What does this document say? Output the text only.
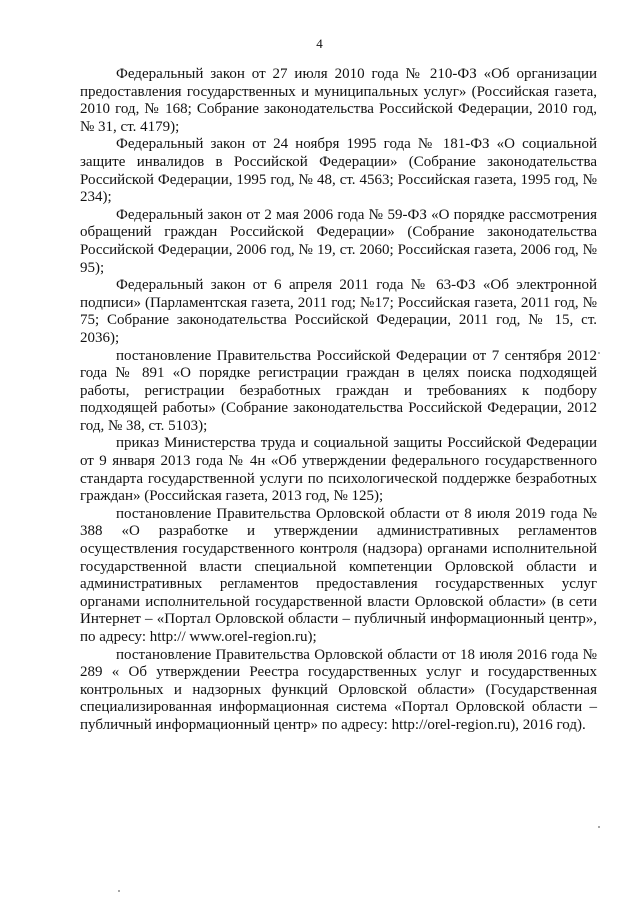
4

Федеральный закон от 27 июля 2010 года № 210-ФЗ «Об организации предоставления государственных и муниципальных услуг» (Российская газета, 2010 год, № 168; Собрание законодательства Российской Федерации, 2010 год, № 31, ст. 4179);

Федеральный закон от 24 ноября 1995 года № 181-ФЗ «О социальной защите инвалидов в Российской Федерации» (Собрание законодательства Российской Федерации, 1995 год, № 48, ст. 4563; Российская газета, 1995 год, № 234);

Федеральный закон от 2 мая 2006 года № 59-ФЗ «О порядке рассмотрения обращений граждан Российской Федерации» (Собрание законодательства Российской Федерации, 2006 год, № 19, ст. 2060; Российская газета, 2006 год, № 95);

Федеральный закон от 6 апреля 2011 года № 63-ФЗ «Об электронной подписи» (Парламентская газета, 2011 год; №17; Российская газета, 2011 год, № 75; Собрание законодательства Российской Федерации, 2011 год, № 15, ст. 2036);

постановление Правительства Российской Федерации от 7 сентября 2012 года № 891 «О порядке регистрации граждан в целях поиска подходящей работы, регистрации безработных граждан и требованиях к подбору подходящей работы» (Собрание законодательства Российской Федерации, 2012 год, № 38, ст. 5103);

приказ Министерства труда и социальной защиты Российской Федерации от 9 января 2013 года № 4н «Об утверждении федерального государственного стандарта государственной услуги по психологической поддержке безработных граждан» (Российская газета, 2013 год, № 125);

постановление Правительства Орловской области от 8 июля 2019 года № 388 «О разработке и утверждении административных регламентов осуществления государственного контроля (надзора) органами исполнительной государственной власти специальной компетенции Орловской области и административных регламентов предоставления государственных услуг органами исполнительной государственной власти Орловской области» (в сети Интернет – «Портал Орловской области – публичный информационный центр», по адресу: http:// www.orel-region.ru);

постановление Правительства Орловской области от 18 июля 2016 года № 289 « Об утверждении Реестра государственных услуг и государственных контрольных и надзорных функций Орловской области» (Государственная специализированная информационная система «Портал Орловской области – публичный информационный центр» по адресу: http://orel-region.ru), 2016 год).
